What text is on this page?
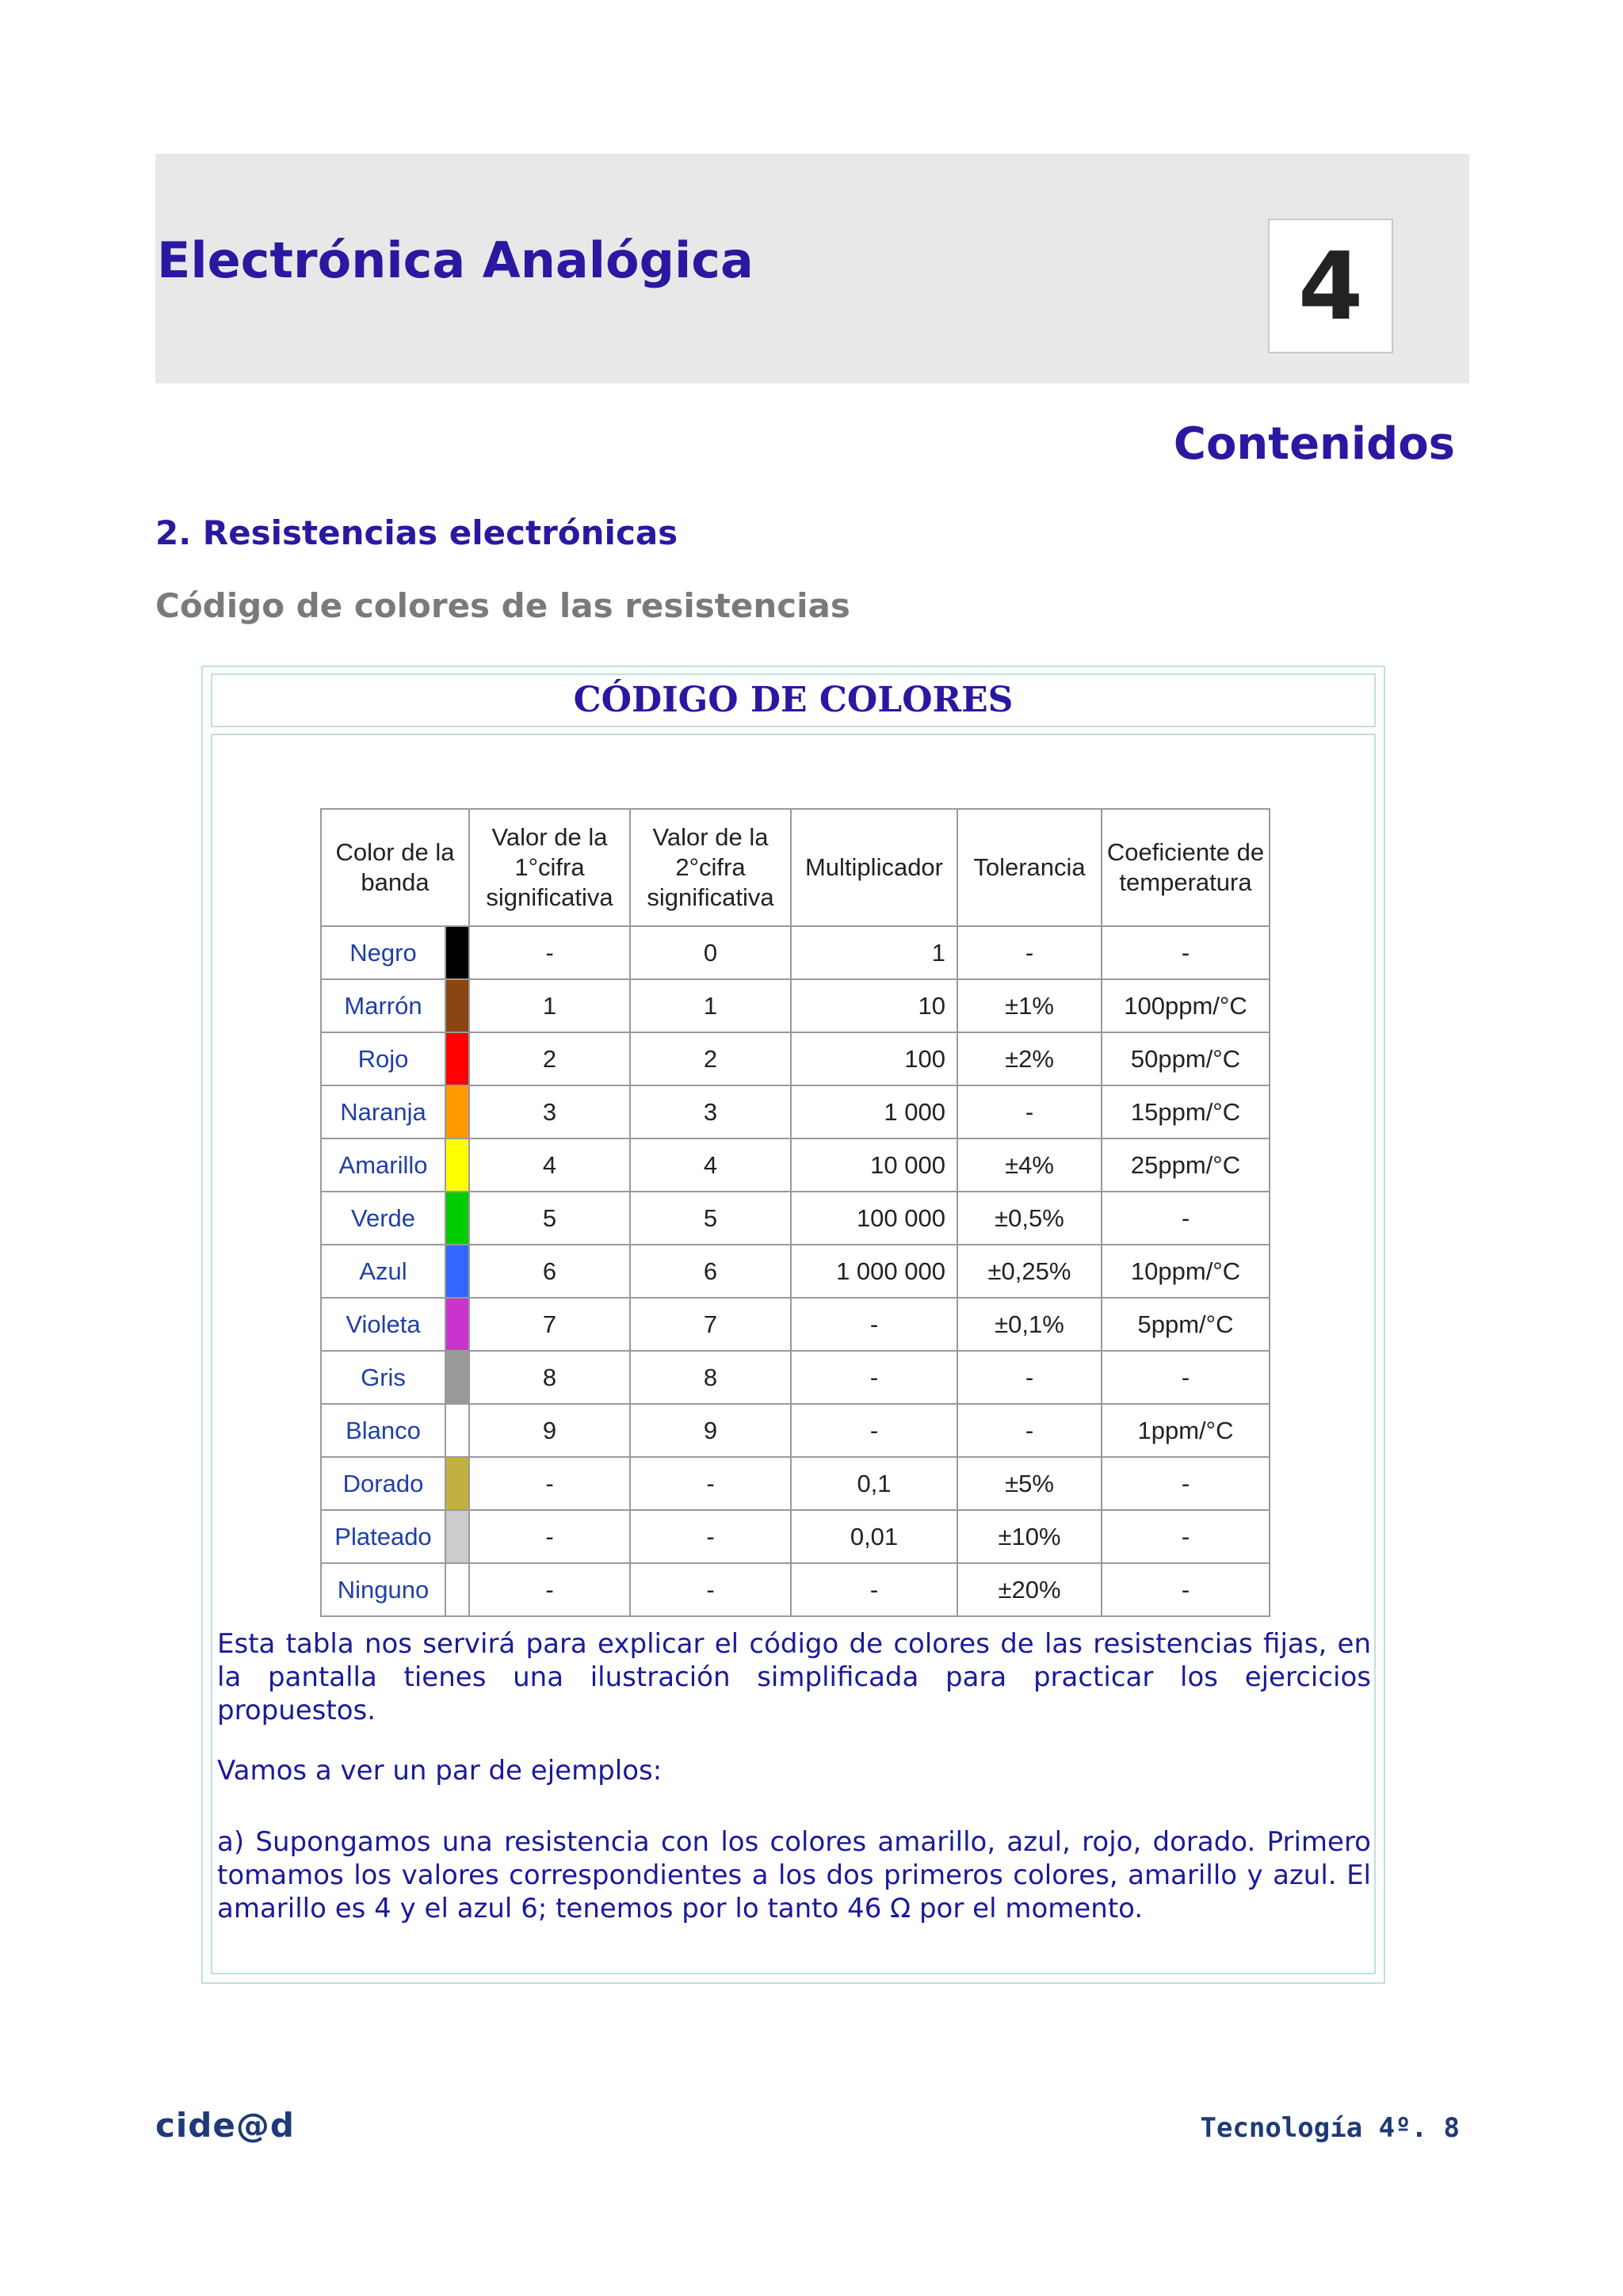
Electrónica Analógica	4
Contenidos
2. Resistencias electrónicas
Código de colores de las resistencias
CÓDIGO DE COLORES
Color de la banda		Valor de la 1°cifra significativa	Valor de la 2°cifra significativa	Multiplicador	Tolerancia	Coeficiente de temperatura
Negro		-	0	1	-	-
Marrón		1	1	10	±1%	100ppm/°C
Rojo		2	2	100	±2%	50ppm/°C
Naranja		3	3	1 000	-	15ppm/°C
Amarillo		4	4	10 000	±4%	25ppm/°C
Verde		5	5	100 000	±0,5%	-
Azul		6	6	1 000 000	±0,25%	10ppm/°C
Violeta		7	7	-	±0,1%	5ppm/°C
Gris		8	8	-	-	-
Blanco		9	9	-	-	1ppm/°C
Dorado		-	-	0,1	±5%	-
Plateado		-	-	0,01	±10%	-
Ninguno		-	-	-	±20%	-

Esta tabla nos servirá para explicar el código de colores de las resistencias fijas, en la pantalla tienes una ilustración simplificada para practicar los ejercicios propuestos.

Vamos a ver un par de ejemplos:

a) Supongamos una resistencia con los colores amarillo, azul, rojo, dorado. Primero tomamos los valores correspondientes a los dos primeros colores, amarillo y azul. El amarillo es 4 y el azul 6; tenemos por lo tanto 46 Ω por el momento.

cide@d	Tecnología 4º. 8
